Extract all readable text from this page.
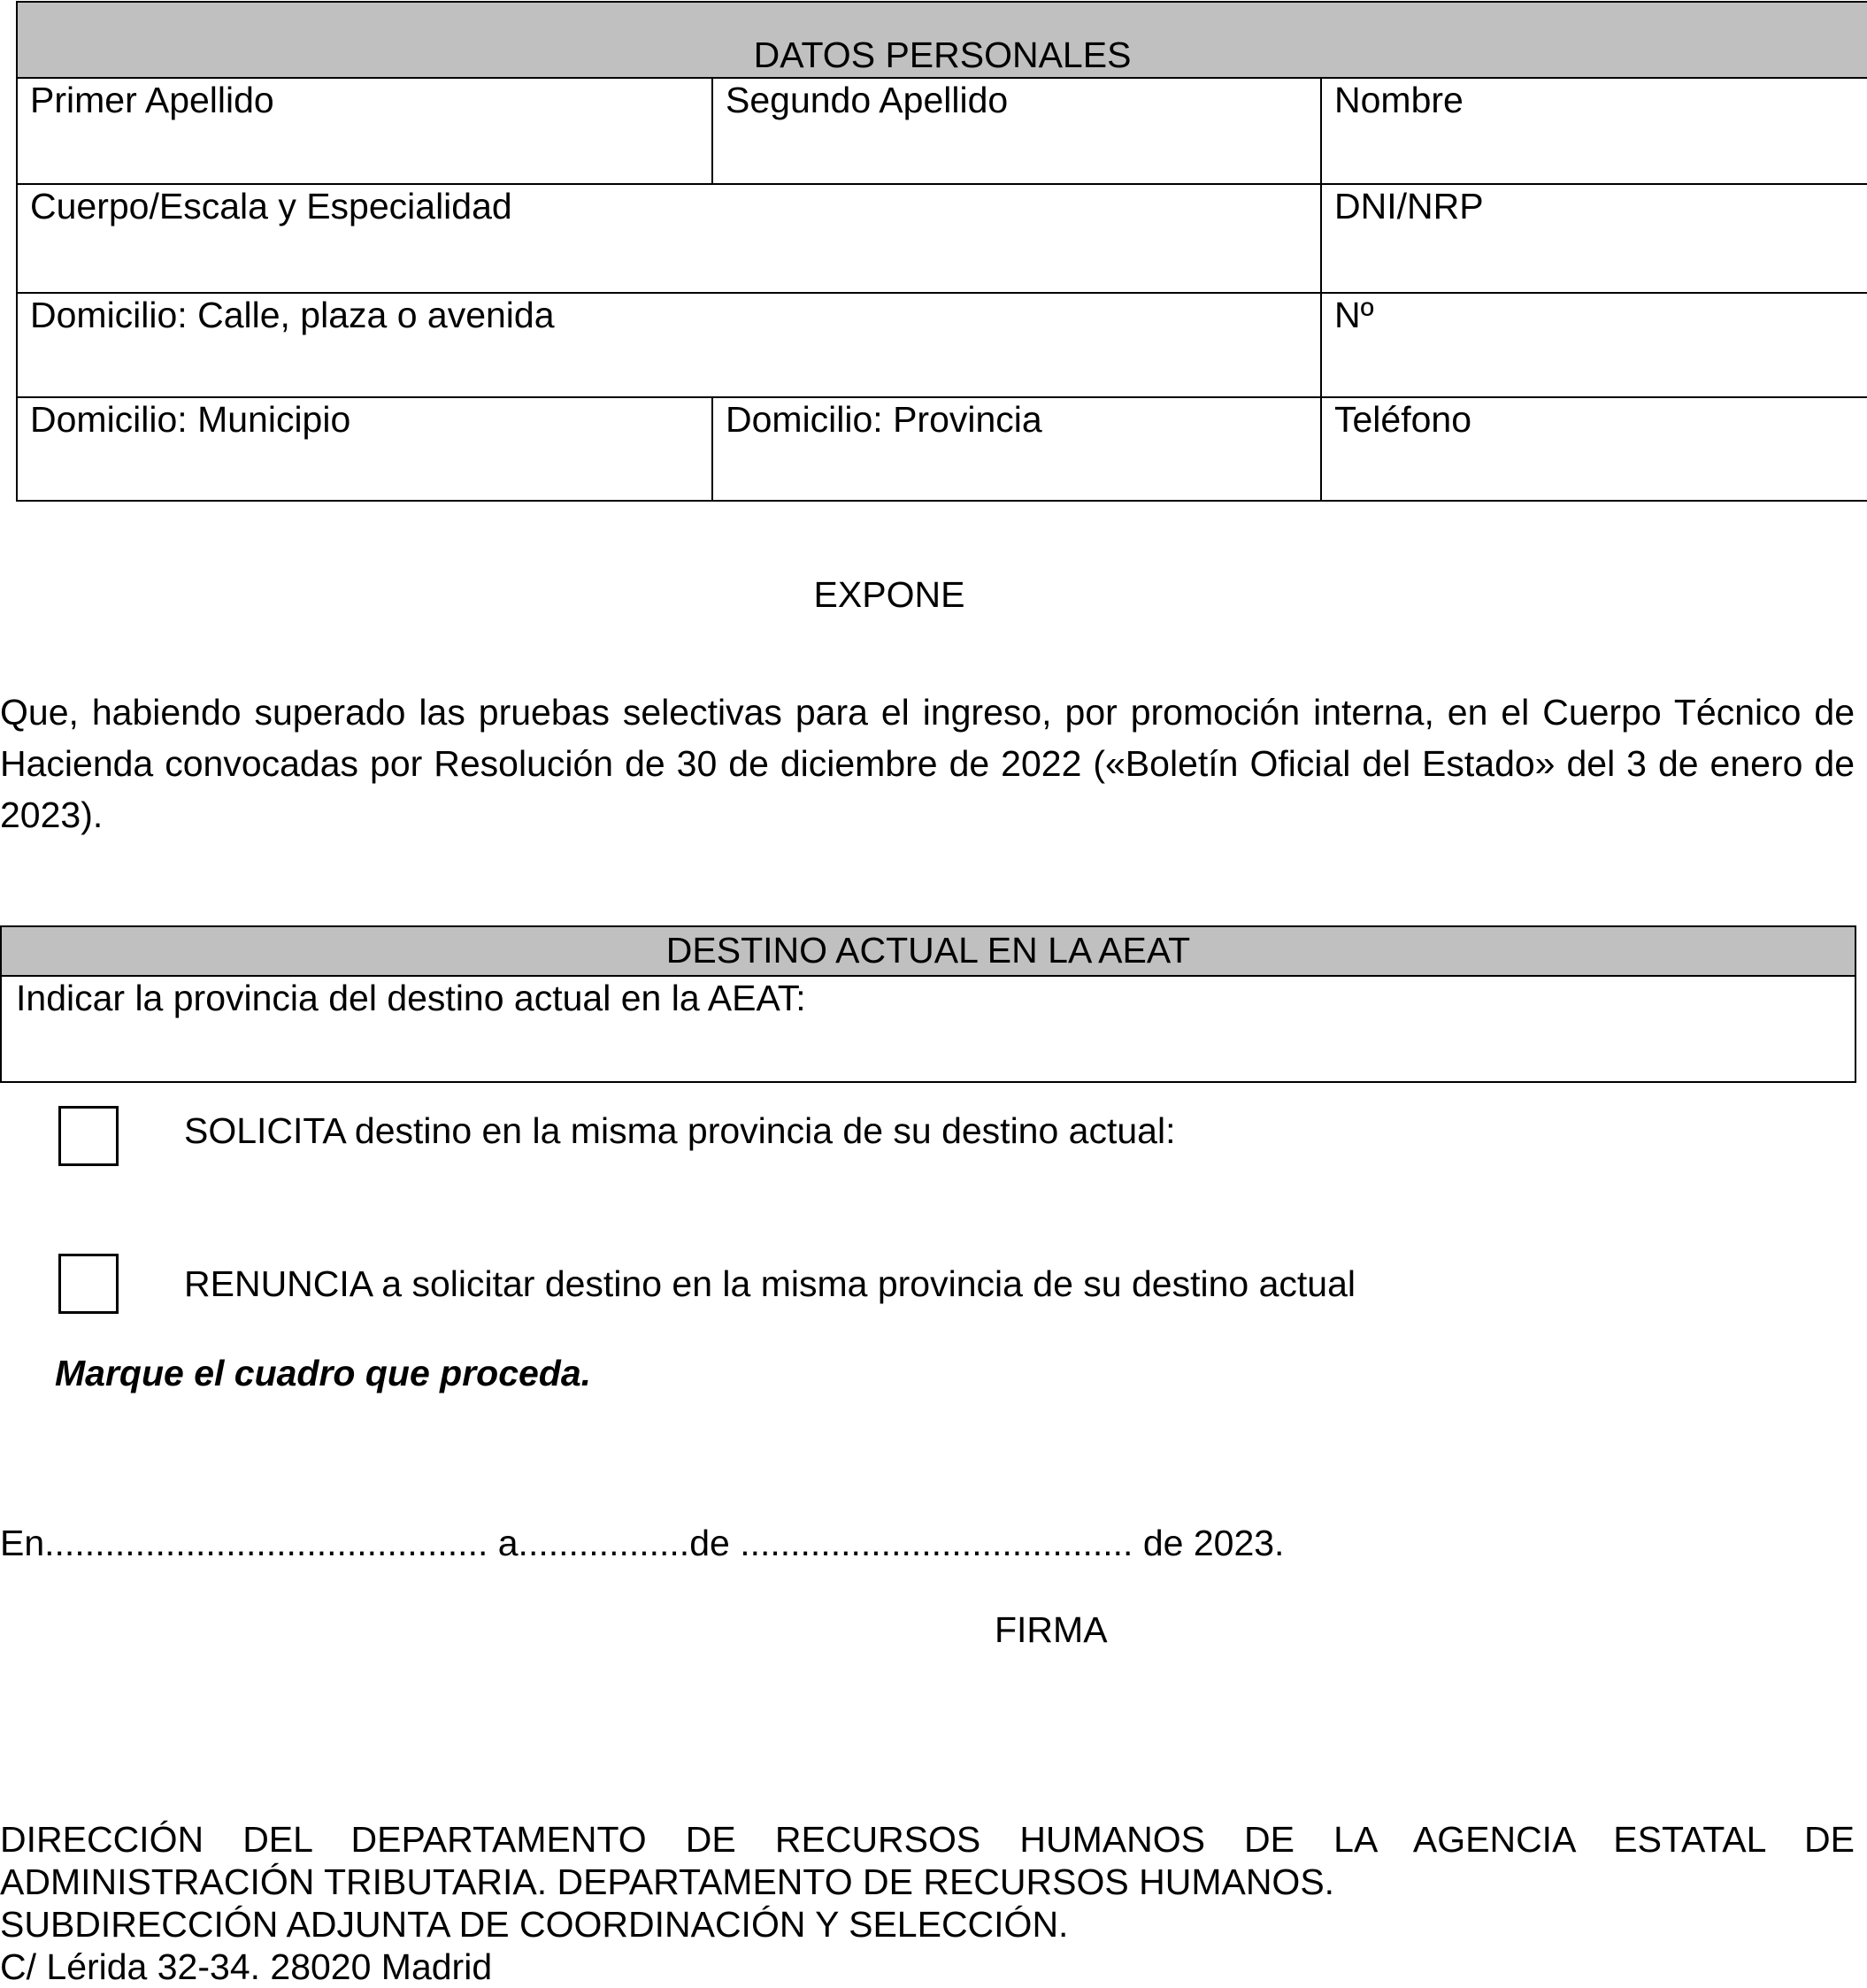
DATOS PERSONALES		
Primer Apellido	Segundo Apellido	Nombre
Cuerpo/Escala y Especialidad		DNI/NRP
Domicilio: Calle, plaza o avenida		Nº
Domicilio: Municipio	Domicilio: Provincia	Teléfono
EXPONE
Que, habiendo superado las pruebas selectivas para el ingreso, por promoción interna, en el Cuerpo Técnico de Hacienda convocadas por Resolución de 30 de diciembre de 2022 («Boletín Oficial del Estado» del 3 de enero de 2023).
DESTINO ACTUAL EN LA AEAT
Indicar la provincia del destino actual en la AEAT:
SOLICITA destino en la misma provincia de su destino actual:
RENUNCIA a solicitar destino en la misma provincia de su destino actual
Marque el cuadro que proceda.
En............................................ a.................de ....................................... de 2023.
FIRMA
DIRECCIÓN DEL DEPARTAMENTO DE RECURSOS HUMANOS DE LA AGENCIA ESTATAL DE
ADMINISTRACIÓN TRIBUTARIA. DEPARTAMENTO DE RECURSOS HUMANOS.
SUBDIRECCIÓN ADJUNTA DE COORDINACIÓN Y SELECCIÓN.
C/ Lérida 32-34. 28020 Madrid
